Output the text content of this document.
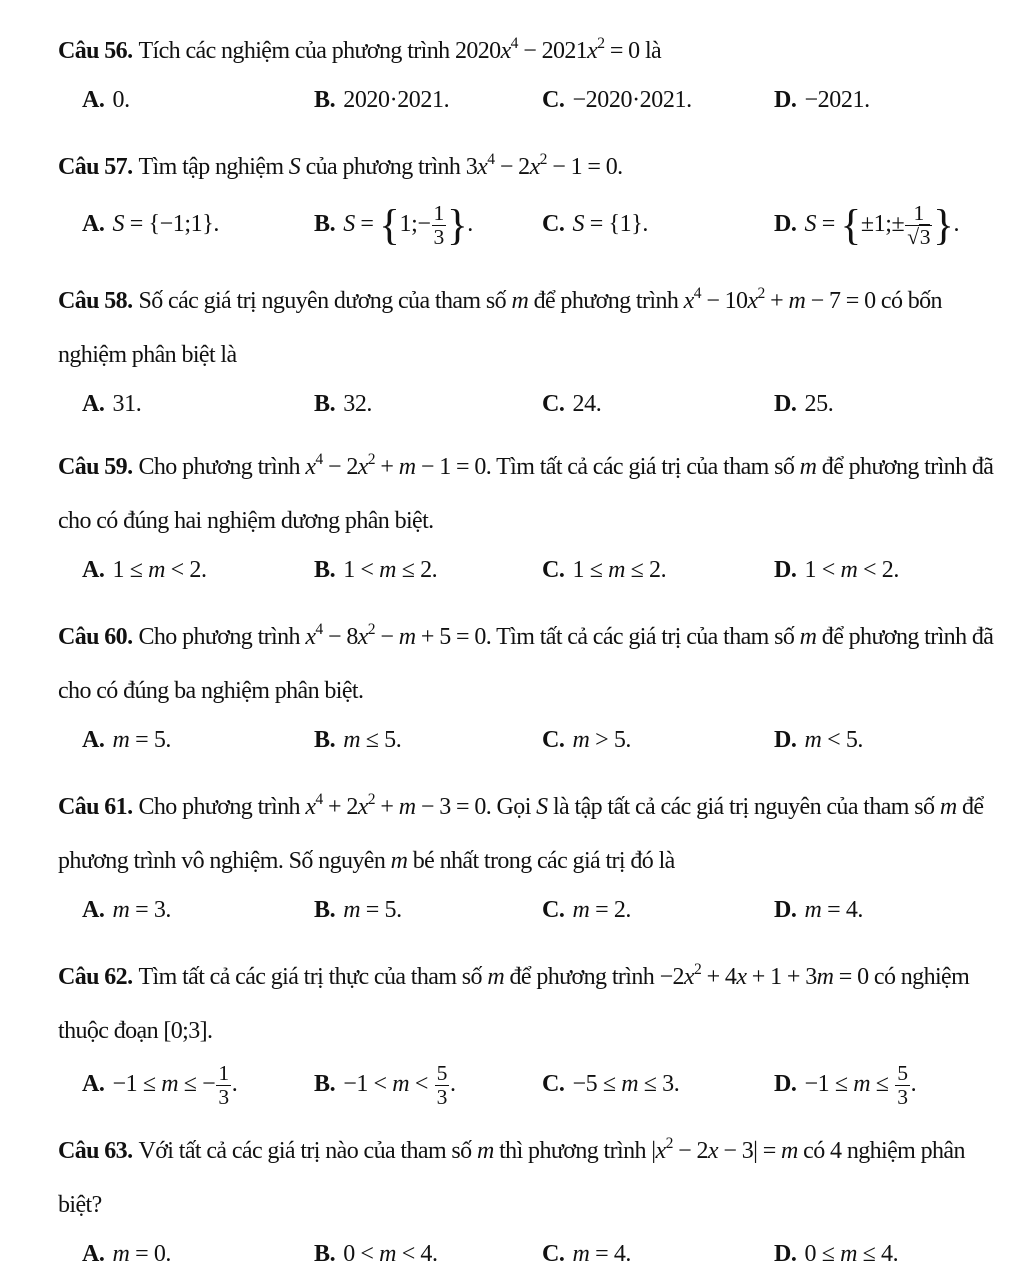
Câu 56. Tích các nghiệm của phương trình $2020x^4 - 2021x^2 = 0$ là

A. 0.	B. 2020·2021.	C. −2020·2021.	D. −2021.

Câu 57. Tìm tập nghiệm S của phương trình $3x^4 - 2x^2 - 1 = 0$.

A. S = {−1;1}.	B. S = {1;− $\frac{1}{3}$ }.	C. S = {1}.	D. S = {±1;± $\frac{1}{√3}$ }.

Câu 58. Số các giá trị nguyên dương của tham số m để phương trình $x^4 - 10x^2 + m - 7 = 0$ có bốn nghiệm phân biệt là

A. 31.	B. 32.	C. 24.	D. 25.

Câu 59. Cho phương trình $x^4 - 2x^2 + m - 1 = 0$. Tìm tất cả các giá trị của tham số m để phương trình đã cho có đúng hai nghiệm dương phân biệt.

A. 1 ≤ m < 2.	B. 1 < m ≤ 2.	C. 1 ≤ m ≤ 2.	D. 1 < m < 2.

Câu 60. Cho phương trình $x^4 - 8x^2 - m + 5 = 0$. Tìm tất cả các giá trị của tham số m để phương trình đã cho có đúng ba nghiệm phân biệt.

A. m = 5.	B. m ≤ 5.	C. m > 5.	D. m < 5.

Câu 61. Cho phương trình $x^4 + 2x^2 + m - 3 = 0$. Gọi S là tập tất cả các giá trị nguyên của tham số m để phương trình vô nghiệm. Số nguyên m bé nhất trong các giá trị đó là

A. m = 3.	B. m = 5.	C. m = 2.	D. m = 4.

Câu 62. Tìm tất cả các giá trị thực của tham số m để phương trình $-2x^2 + 4x + 1 + 3m = 0$ có nghiệm thuộc đoạn [0;3].

A. −1 ≤ m ≤ − $\frac{1}{3}$ .	B. $-1 < m < \frac{5}{3}$ .	C. −5 ≤ m ≤ 3.	D. $-1 \le m \le \frac{5}{3}$ .

Câu 63. Với tất cả các giá trị nào của tham số m thì phương trình $|x^2 - 2x - 3| = m$ có 4 nghiệm phân biệt?

A. m = 0.	B. 0 < m < 4.	C. m = 4.	D. 0 ≤ m ≤ 4.
